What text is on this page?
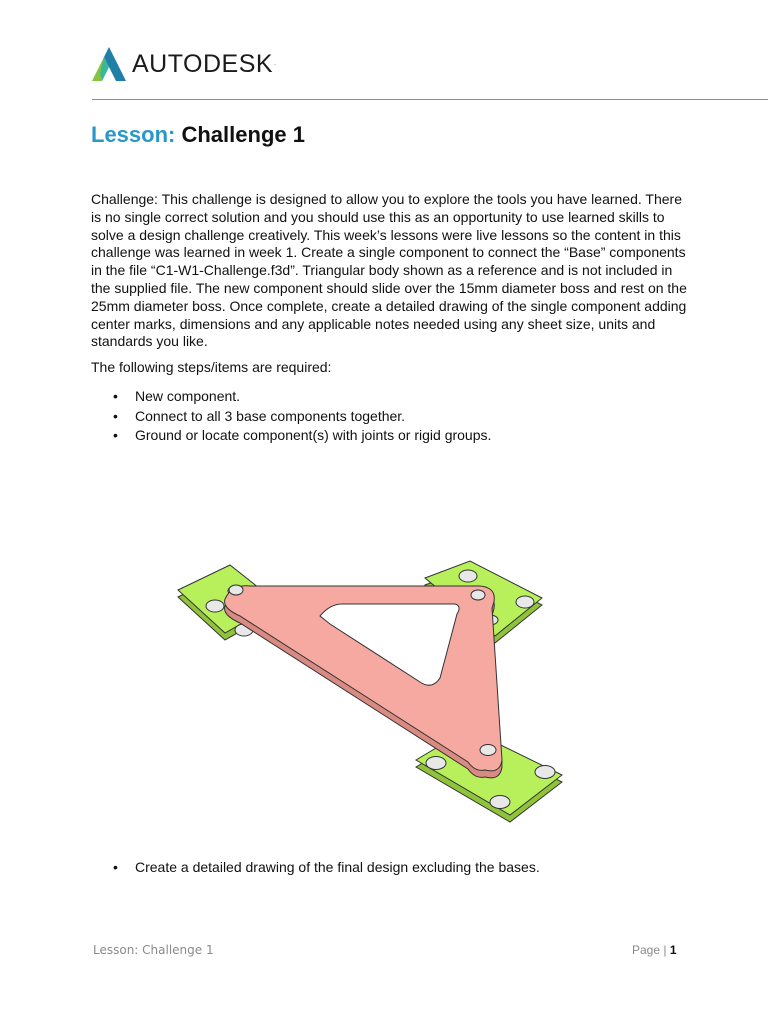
AUTODESK .
Lesson: Challenge 1

Challenge: This challenge is designed to allow you to explore the tools you have learned. There is no single correct solution and you should use this as an opportunity to use learned skills to solve a design challenge creatively. This week’s lessons were live lessons so the content in this challenge was learned in week 1. Create a single component to connect the “Base” components in the file “C1-W1-Challenge.f3d”. Triangular body shown as a reference and is not included in the supplied file. The new component should slide over the 15mm diameter boss and rest on the 25mm diameter boss. Once complete, create a detailed drawing of the single component adding center marks, dimensions and any applicable notes needed using any sheet size, units and standards you like.

The following steps/items are required:

• New component.
• Connect to all 3 base components together.
• Ground or locate component(s) with joints or rigid groups.
• Create a detailed drawing of the final design excluding the bases.
Lesson: Challenge 1	Page | 1
